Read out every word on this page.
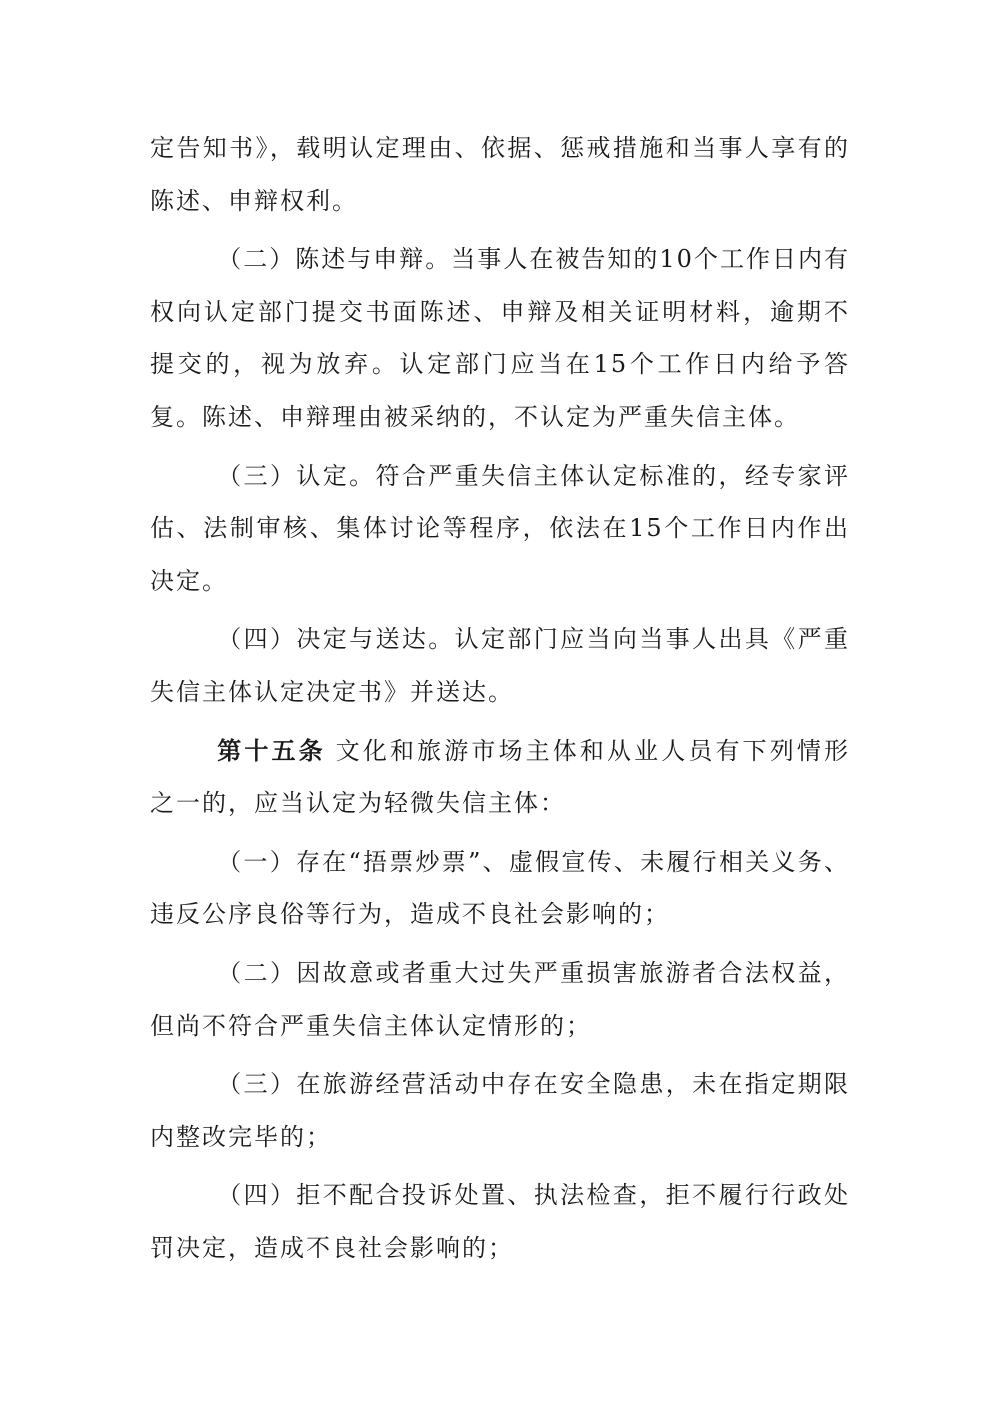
定告知书》，载明认定理由、依据、惩戒措施和当事人享有的陈述、申辩权利。

（二）陈述与申辩。当事人在被告知的10个工作日内有权向认定部门提交书面陈述、申辩及相关证明材料，逾期不提交的，视为放弃。认定部门应当在15个工作日内给予答复。陈述、申辩理由被采纳的，不认定为严重失信主体。

（三）认定。符合严重失信主体认定标准的，经专家评估、法制审核、集体讨论等程序，依法在15个工作日内作出决定。

（四）决定与送达。认定部门应当向当事人出具《严重失信主体认定决定书》并送达。

第十五条 文化和旅游市场主体和从业人员有下列情形之一的，应当认定为轻微失信主体：

（一）存在“捂票炒票”、虚假宣传、未履行相关义务、违反公序良俗等行为，造成不良社会影响的；

（二）因故意或者重大过失严重损害旅游者合法权益，但尚不符合严重失信主体认定情形的；

（三）在旅游经营活动中存在安全隐患，未在指定期限内整改完毕的；

（四）拒不配合投诉处置、执法检查，拒不履行行政处罚决定，造成不良社会影响的；
